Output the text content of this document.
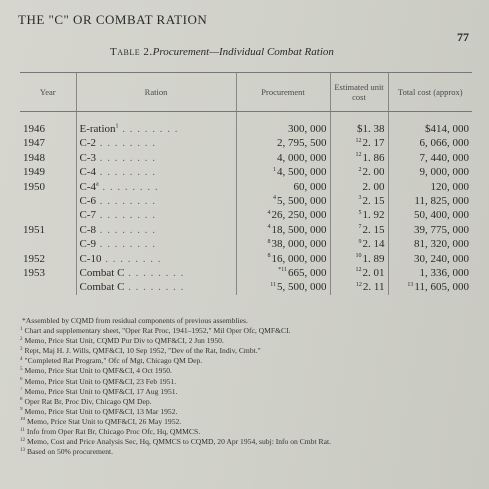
THE "C" OR COMBAT RATION
77
Table 2.Procurement—Individual Combat Ration
Year	Ration	Procurement	Estimated unit cost	Total cost (approx)
1946	E-ration$^1$ . . . . . . . .	300, 000	$1. 38	$414, 000
1947	C-2 . . . . . . . .	2, 795, 500	$^{12}$2. 17	6, 066, 000
1948	C-3 . . . . . . . .	4, 000, 000	$^{12}$1. 86	7, 440, 000
1949	C-4 . . . . . . . .	$^1$4, 500, 000	$^2$2. 00	9, 000, 000
1950	C-4$^a$ . . . . . . . .	60, 000	2. 00	120, 000
	C-6 . . . . . . . .	$^4$5, 500, 000	$^3$2. 15	11, 825, 000
	C-7 . . . . . . . .	$^4$26, 250, 000	$^5$1. 92	50, 400, 000
1951	C-8 . . . . . . . .	$^4$18, 500, 000	$^7$2. 15	39, 775, 000
	C-9 . . . . . . . .	$^8$38, 000, 000	$^9$2. 14	81, 320, 000
1952	C-10 . . . . . . . .	$^8$16, 000, 000	$^{10}$1. 89	30, 240, 000
1953	Combat C . . . . . . . .	$^{*11}$665, 000	$^{12}$2. 01	1, 336, 000
	Combat C . . . . . . . .	$^{11}$5, 500, 000	$^{12}$2. 11	$^{13}$11, 605, 000
*Assembled by CQMD from residual components of previous assemblies.
$^1$ Chart and supplementary sheet, "Oper Rat Proc, 1941–1952," Mil Oper Ofc, QMF&CI.
$^2$ Memo, Price Stat Unit, CQMD Pur Div to QMF&CI, 2 Jun 1950.
$^3$ Rept, Maj H. J. Wills, QMF&CI, 10 Sep 1952, "Dev of the Rat, Indiv, Cmbt."
$^4$ "Completed Rat Program," Ofc of Mgt, Chicago QM Dep.
$^5$ Memo, Price Stat Unit to QMF&CI, 4 Oct 1950.
$^6$ Memo, Price Stat Unit to QMF&CI, 23 Feb 1951.
$^7$ Memo, Price Stat Unit to QMF&CI, 17 Aug 1951.
$^8$ Oper Rat Br, Proc Div, Chicago QM Dep.
$^9$ Memo, Price Stat Unit to QMF&CI, 13 Mar 1952.
$^{10}$ Memo, Price Stat Unit to QMF&CI, 26 May 1952.
$^{11}$ Info from Oper Rat Br, Chicago Proc Ofc, Hq, QMMCS.
$^{12}$ Memo, Cost and Price Analysis Sec, Hq, QMMCS to CQMD, 20 Apr 1954, subj: Info on Cmbt Rat.
$^{13}$ Based on 50% procurement.
